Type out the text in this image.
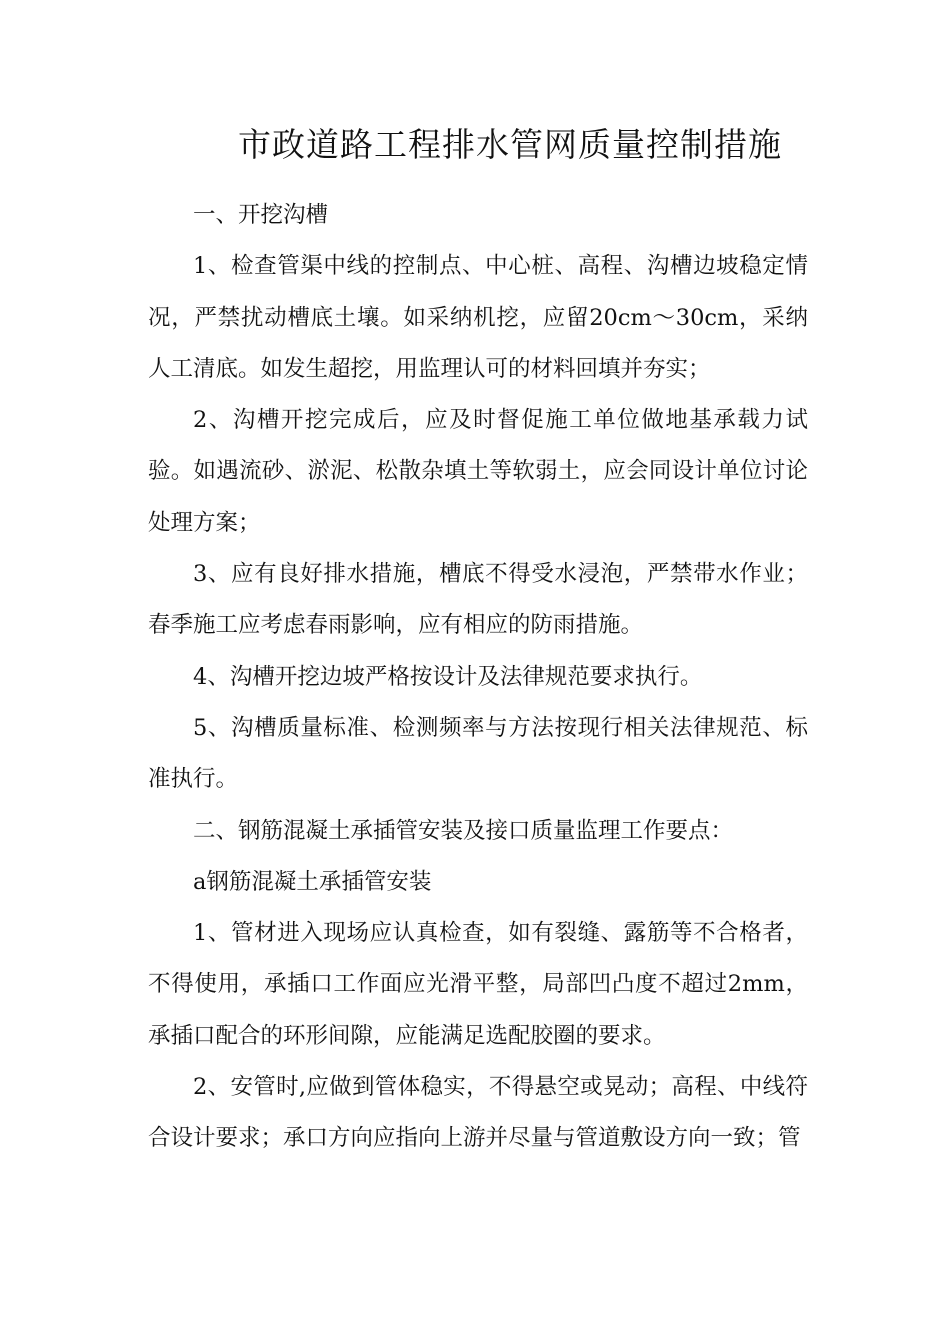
市政道路工程排水管网质量控制措施

一、开挖沟槽

1、检查管渠中线的控制点、中心桩、高程、沟槽边坡稳定情况，严禁扰动槽底土壤。如采纳机挖，应留20cm～30cm，采纳人工清底。如发生超挖，用监理认可的材料回填并夯实；

2、沟槽开挖完成后，应及时督促施工单位做地基承载力试验。如遇流砂、淤泥、松散杂填土等软弱土，应会同设计单位讨论处理方案；

3、应有良好排水措施，槽底不得受水浸泡，严禁带水作业；春季施工应考虑春雨影响，应有相应的防雨措施。

4、沟槽开挖边坡严格按设计及法律规范要求执行。

5、沟槽质量标准、检测频率与方法按现行相关法律规范、标准执行。

二、钢筋混凝土承插管安装及接口质量监理工作要点：

a钢筋混凝土承插管安装

1、管材进入现场应认真检查，如有裂缝、露筋等不合格者，不得使用，承插口工作面应光滑平整，局部凹凸度不超过2mm，承插口配合的环形间隙，应能满足选配胶圈的要求。

2、安管时,应做到管体稳实，不得悬空或晃动；高程、中线符合设计要求；承口方向应指向上游并尽量与管道敷设方向一致；管
